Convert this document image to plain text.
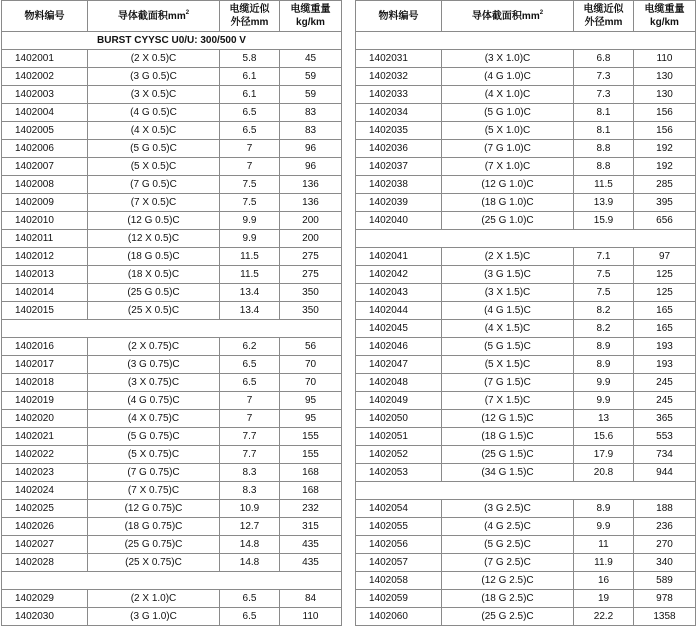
物料编号	导体截面积$mm^2$	电缆近似外径mm	电缆重量kg/km
BURST CYYSC U0/U: 300/500 V			
1402001	(2 X 0.5)C	5.8	45
1402002	(3 G 0.5)C	6.1	59
1402003	(3 X 0.5)C	6.1	59
1402004	(4 G 0.5)C	6.5	83
1402005	(4 X 0.5)C	6.5	83
1402006	(5 G 0.5)C	7	96
1402007	(5 X 0.5)C	7	96
1402008	(7 G 0.5)C	7.5	136
1402009	(7 X 0.5)C	7.5	136
1402010	(12 G 0.5)C	9.9	200
1402011	(12 X 0.5)C	9.9	200
1402012	(18 G 0.5)C	11.5	275
1402013	(18 X 0.5)C	11.5	275
1402014	(25 G 0.5)C	13.4	350
1402015	(25 X 0.5)C	13.4	350

1402016	(2 X 0.75)C	6.2	56
1402017	(3 G 0.75)C	6.5	70
1402018	(3 X 0.75)C	6.5	70
1402019	(4 G 0.75)C	7	95
1402020	(4 X 0.75)C	7	95
1402021	(5 G 0.75)C	7.7	155
1402022	(5 X 0.75)C	7.7	155
1402023	(7 G 0.75)C	8.3	168
1402024	(7 X 0.75)C	8.3	168
1402025	(12 G 0.75)C	10.9	232
1402026	(18 G 0.75)C	12.7	315
1402027	(25 G 0.75)C	14.8	435
1402028	(25 X 0.75)C	14.8	435

1402029	(2 X 1.0)C	6.5	84
1402030	(3 G 1.0)C	6.5	110
物料编号	导体截面积$mm^2$	电缆近似外径mm	电缆重量kg/km

1402031	(3 X 1.0)C	6.8	110
1402032	(4 G 1.0)C	7.3	130
1402033	(4 X 1.0)C	7.3	130
1402034	(5 G 1.0)C	8.1	156
1402035	(5 X 1.0)C	8.1	156
1402036	(7 G 1.0)C	8.8	192
1402037	(7 X 1.0)C	8.8	192
1402038	(12 G 1.0)C	11.5	285
1402039	(18 G 1.0)C	13.9	395
1402040	(25 G 1.0)C	15.9	656

1402041	(2 X 1.5)C	7.1	97
1402042	(3 G 1.5)C	7.5	125
1402043	(3 X 1.5)C	7.5	125
1402044	(4 G 1.5)C	8.2	165
1402045	(4 X 1.5)C	8.2	165
1402046	(5 G 1.5)C	8.9	193
1402047	(5 X 1.5)C	8.9	193
1402048	(7 G 1.5)C	9.9	245
1402049	(7 X 1.5)C	9.9	245
1402050	(12 G 1.5)C	13	365
1402051	(18 G 1.5)C	15.6	553
1402052	(25 G 1.5)C	17.9	734
1402053	(34 G 1.5)C	20.8	944

1402054	(3 G 2.5)C	8.9	188
1402055	(4 G 2.5)C	9.9	236
1402056	(5 G 2.5)C	11	270
1402057	(7 G 2.5)C	11.9	340
1402058	(12 G 2.5)C	16	589
1402059	(18 G 2.5)C	19	978
1402060	(25 G 2.5)C	22.2	1358
